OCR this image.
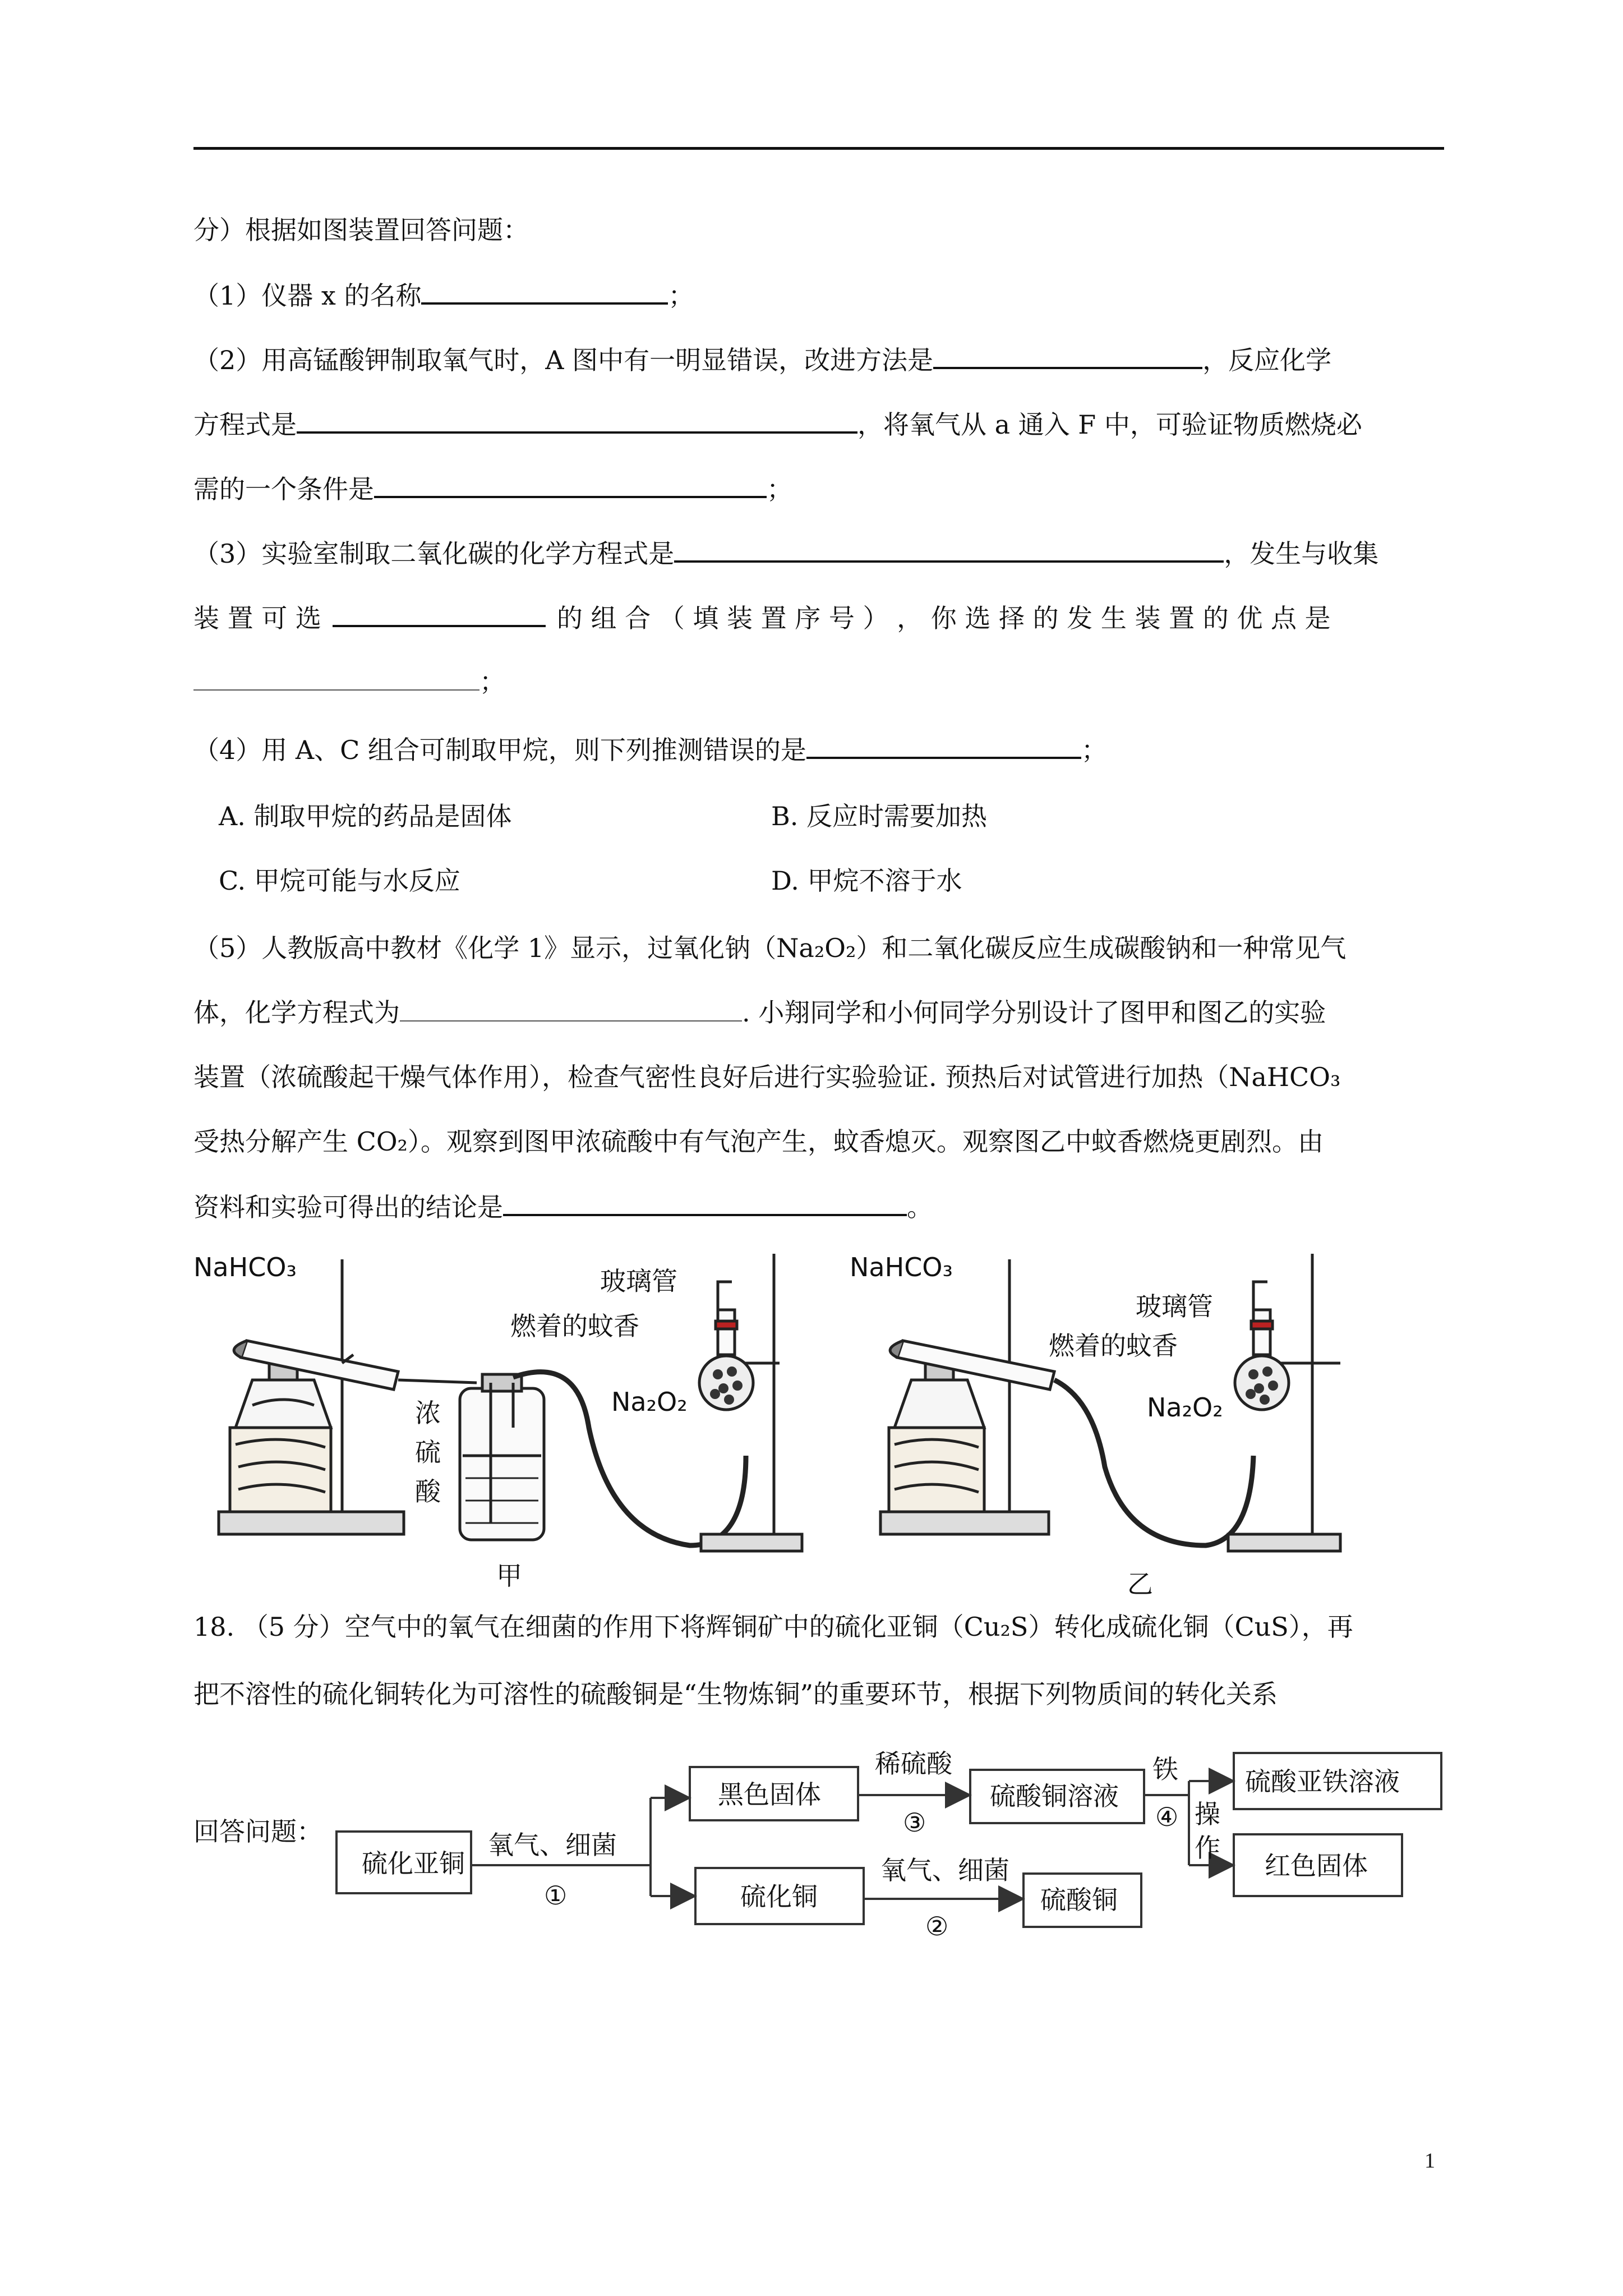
分）根据如图装置回答问题：
（1）仪器 x 的名称	；
（2）用高锰酸钾制取氧气时，A 图中有一明显错误，改进方法是	，反应化学
方程式是	，将氧气从 a 通入 F 中，可验证物质燃烧必
需的一个条件是	；
（3）实验室制取二氧化碳的化学方程式是	，发生与收集
装 置 可 选	的 组 合 （ 填 装 置 序 号 ） ， 你 选 择 的 发 生 装 置 的 优 点 是
；
（4）用 A、C 组合可制取甲烷，则下列推测错误的是	；
A. 制取甲烷的药品是固体	B. 反应时需要加热
C. 甲烷可能与水反应	D. 甲烷不溶于水
（5）人教版高中教材《化学 1》显示，过氧化钠（Na₂O₂）和二氧化碳反应生成碳酸钠和一种常见气
体，化学方程式为	. 小翔同学和小何同学分别设计了图甲和图乙的实验
装置（浓硫酸起干燥气体作用），检查气密性良好后进行实验验证. 预热后对试管进行加热（NaHCO₃
受热分解产生 CO₂）。观察到图甲浓硫酸中有气泡产生，蚊香熄灭。观察图乙中蚊香燃烧更剧烈。由
资料和实验可得出的结论是	。
NaHCO₃	玻璃管
燃着的蚊香
Na₂O₂
浓
硫
酸
甲
NaHCO₃
玻璃管
燃着的蚊香
Na₂O₂
乙
18. （5 分）空气中的氧气在细菌的作用下将辉铜矿中的硫化亚铜（Cu₂S）转化成硫化铜（CuS），再
把不溶性的硫化铜转化为可溶性的硫酸铜是“生物炼铜”的重要环节，根据下列物质间的转化关系
回答问题：
硫化亚铜
黑色固体
硫化铜
硫酸铜溶液
硫酸铜
硫酸亚铁溶液
红色固体
氧气、细菌
①
氧气、细菌
②
稀硫酸
③
铁
④ 操
作
1
